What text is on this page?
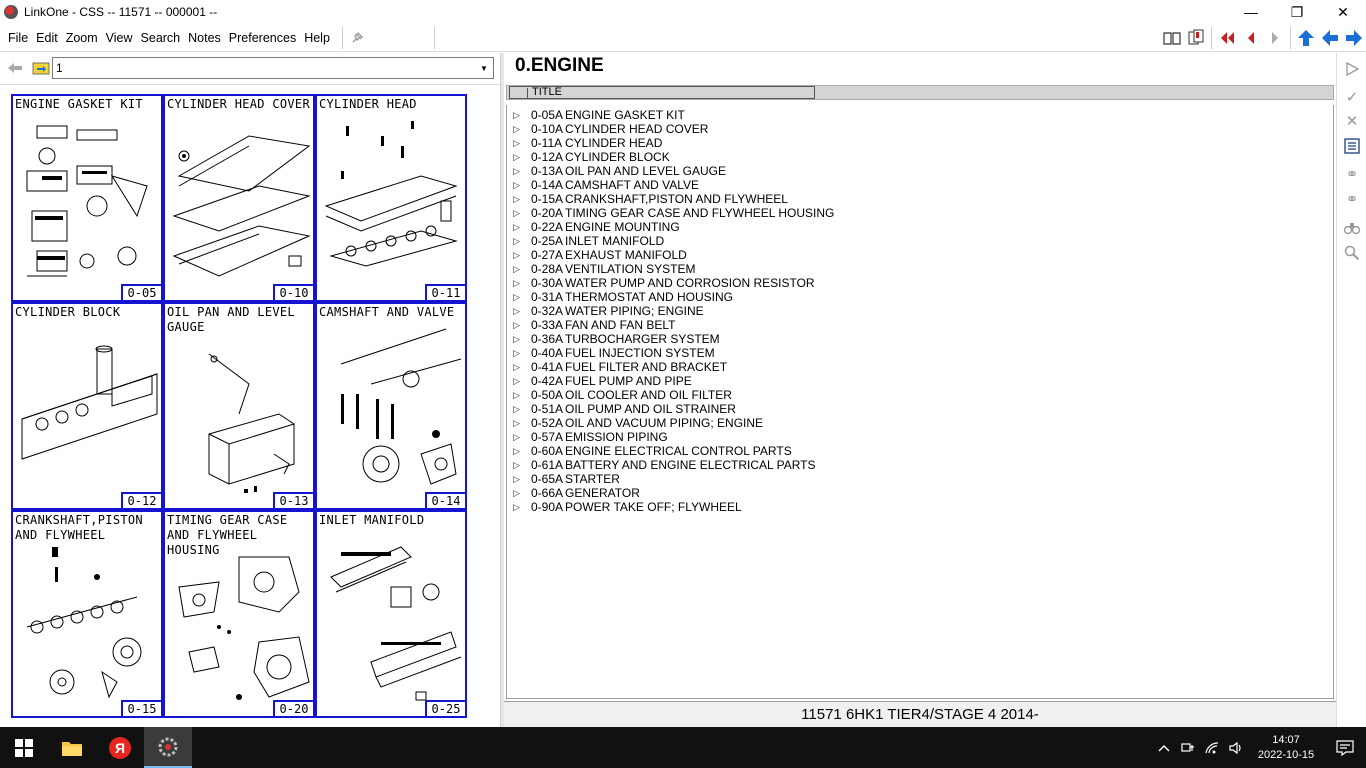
LinkOne - CSS -- 11571 -- 000001 --	—	❐	✕
File Edit Zoom View Search Notes Preferences Help
1	▼
ENGINE GASKET KIT
0-05
CYLINDER HEAD COVER
0-10
CYLINDER HEAD
0-11
CYLINDER BLOCK
0-12
OIL PAN AND LEVEL GAUGE
0-13
CAMSHAFT AND VALVE
0-14
CRANKSHAFT,PISTON AND FLYWHEEL
0-15
TIMING GEAR CASE AND FLYWHEEL HOUSING
0-20
INLET MANIFOLD
0-25
0.ENGINE
TITLE
▷ 0-05A ENGINE GASKET KIT
▷ 0-10A CYLINDER HEAD COVER
▷ 0-11A CYLINDER HEAD
▷ 0-12A CYLINDER BLOCK
▷ 0-13A OIL PAN AND LEVEL GAUGE
▷ 0-14A CAMSHAFT AND VALVE
▷ 0-15A CRANKSHAFT,PISTON AND FLYWHEEL
▷ 0-20A TIMING GEAR CASE AND FLYWHEEL HOUSING
▷ 0-22A ENGINE MOUNTING
▷ 0-25A INLET MANIFOLD
▷ 0-27A EXHAUST MANIFOLD
▷ 0-28A VENTILATION SYSTEM
▷ 0-30A WATER PUMP AND CORROSION RESISTOR
▷ 0-31A THERMOSTAT AND HOUSING
▷ 0-32A WATER PIPING; ENGINE
▷ 0-33A FAN AND FAN BELT
▷ 0-36A TURBOCHARGER SYSTEM
▷ 0-40A FUEL INJECTION SYSTEM
▷ 0-41A FUEL FILTER AND BRACKET
▷ 0-42A FUEL PUMP AND PIPE
▷ 0-50A OIL COOLER AND OIL FILTER
▷ 0-51A OIL PUMP AND OIL STRAINER
▷ 0-52A OIL AND VACUUM PIPING; ENGINE
▷ 0-57A EMISSION PIPING
▷ 0-60A ENGINE ELECTRICAL CONTROL PARTS
▷ 0-61A BATTERY AND ENGINE ELECTRICAL PARTS
▷ 0-65A STARTER
▷ 0-66A GENERATOR
▷ 0-90A POWER TAKE OFF; FLYWHEEL
11571 6HK1 TIER4/STAGE 4 2014-
✓
✕
⚭
⚭
Я	14:07
2022-10-15
